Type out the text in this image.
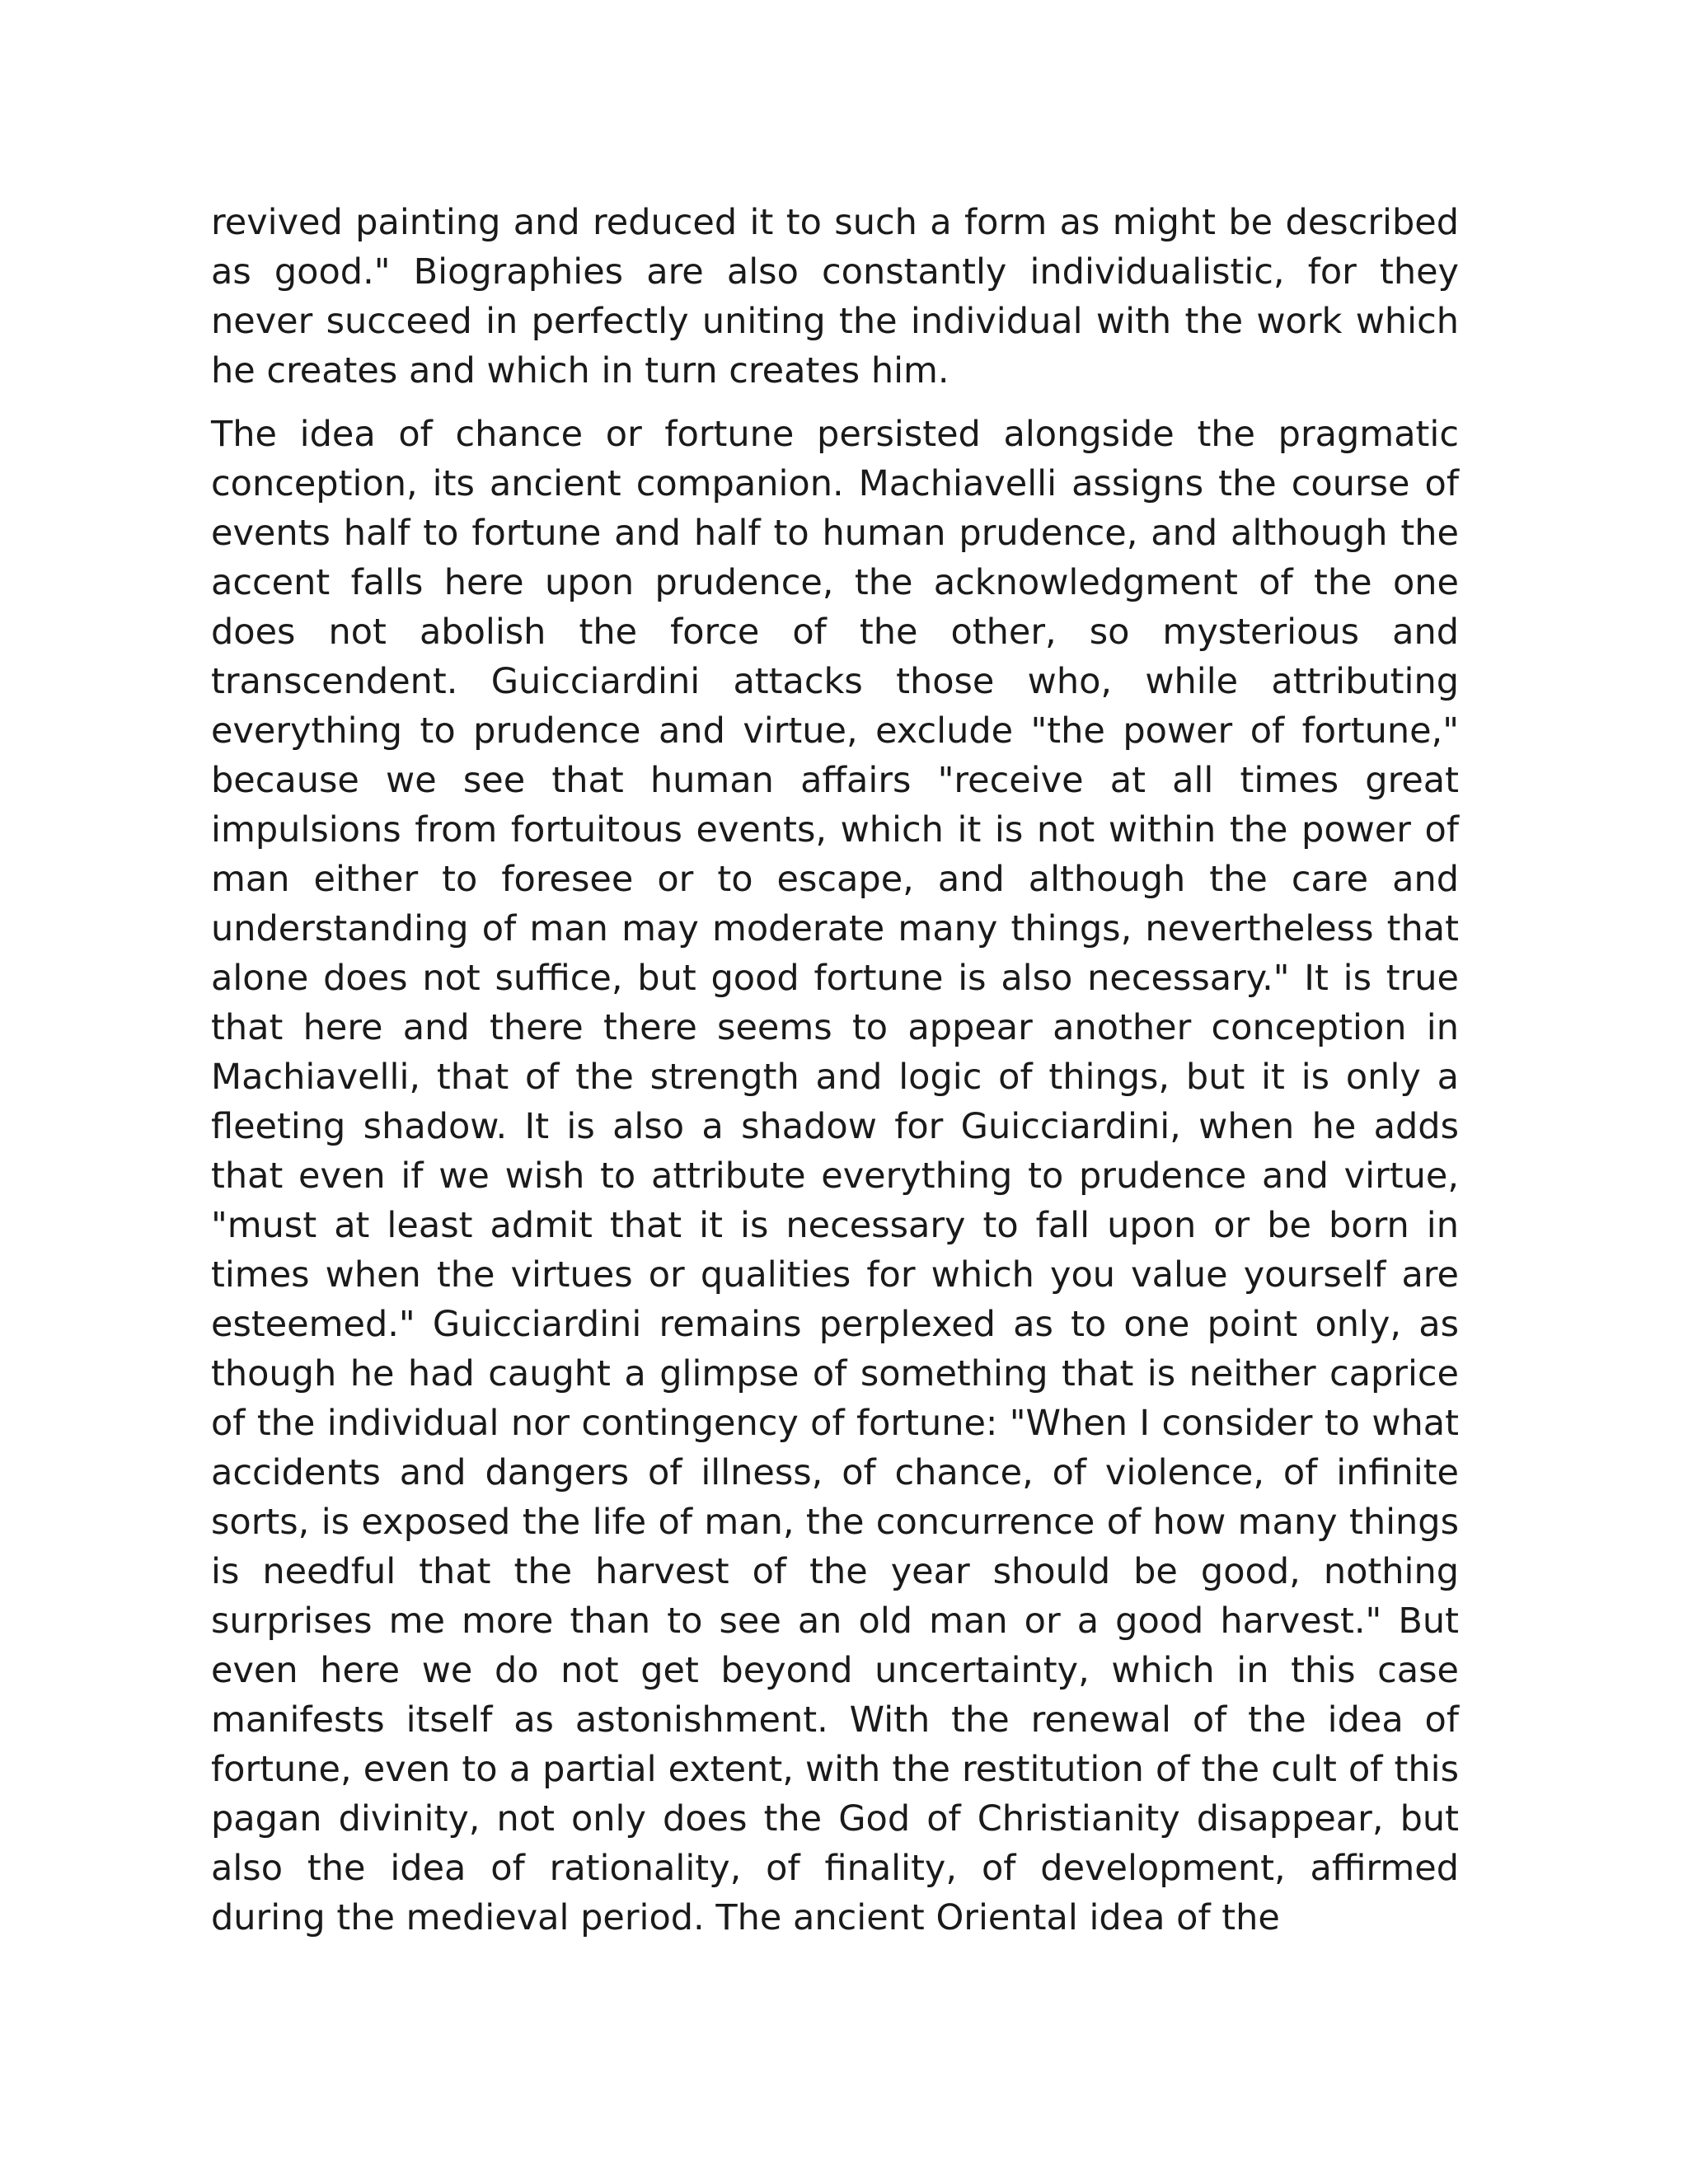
revived painting and reduced it to such a form as might be described as good." Biographies are also constantly individualistic, for they never succeed in perfectly uniting the individual with the work which he creates and which in turn creates him.

The idea of chance or fortune persisted alongside the pragmatic conception, its ancient companion. Machiavelli assigns the course of events half to fortune and half to human prudence, and although the accent falls here upon prudence, the acknowledgment of the one does not abolish the force of the other, so mysterious and transcendent. Guicciardini attacks those who, while attributing everything to prudence and virtue, exclude "the power of fortune," because we see that human affairs "receive at all times great impulsions from fortuitous events, which it is not within the power of man either to foresee or to escape, and although the care and understanding of man may moderate many things, nevertheless that alone does not suffice, but good fortune is also necessary." It is true that here and there there seems to appear another conception in Machiavelli, that of the strength and logic of things, but it is only a fleeting shadow. It is also a shadow for Guicciardini, when he adds that even if we wish to attribute everything to prudence and virtue, "must at least admit that it is necessary to fall upon or be born in times when the virtues or qualities for which you value yourself are esteemed." Guicciardini remains perplexed as to one point only, as though he had caught a glimpse of something that is neither caprice of the individual nor contingency of fortune: "When I consider to what accidents and dangers of illness, of chance, of violence, of infinite sorts, is exposed the life of man, the concurrence of how many things is needful that the harvest of the year should be good, nothing surprises me more than to see an old man or a good harvest." But even here we do not get beyond uncertainty, which in this case manifests itself as astonishment. With the renewal of the idea of fortune, even to a partial extent, with the restitution of the cult of this pagan divinity, not only does the God of Christianity disappear, but also the idea of rationality, of finality, of development, affirmed during the medieval period. The ancient Oriental idea of the
